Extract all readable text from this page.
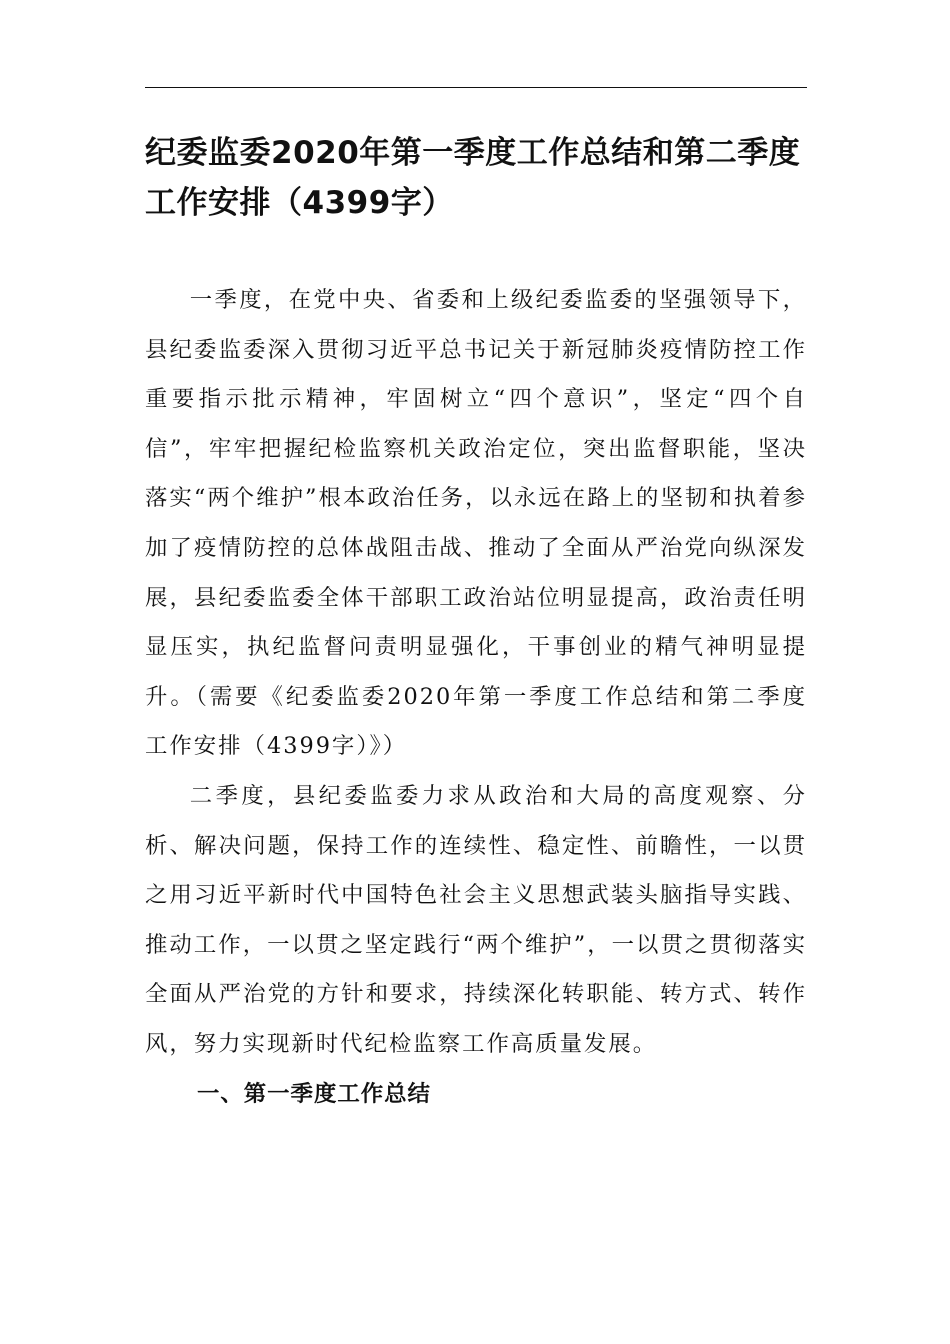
纪委监委2020年第一季度工作总结和第二季度工作安排（4399字）

一季度，在党中央、省委和上级纪委监委的坚强领导下，县纪委监委深入贯彻习近平总书记关于新冠肺炎疫情防控工作重要指示批示精神，牢固树立“四个意识”，坚定“四个自信”，牢牢把握纪检监察机关政治定位，突出监督职能，坚决落实“两个维护”根本政治任务，以永远在路上的坚韧和执着参加了疫情防控的总体战阻击战、推动了全面从严治党向纵深发展，县纪委监委全体干部职工政治站位明显提高，政治责任明显压实，执纪监督问责明显强化，干事创业的精气神明显提升。（需要《纪委监委2020年第一季度工作总结和第二季度工作安排（4399字）》）

二季度，县纪委监委力求从政治和大局的高度观察、分析、解决问题，保持工作的连续性、稳定性、前瞻性，一以贯之用习近平新时代中国特色社会主义思想武装头脑指导实践、推动工作，一以贯之坚定践行“两个维护”，一以贯之贯彻落实全面从严治党的方针和要求，持续深化转职能、转方式、转作风，努力实现新时代纪检监察工作高质量发展。

一、第一季度工作总结
